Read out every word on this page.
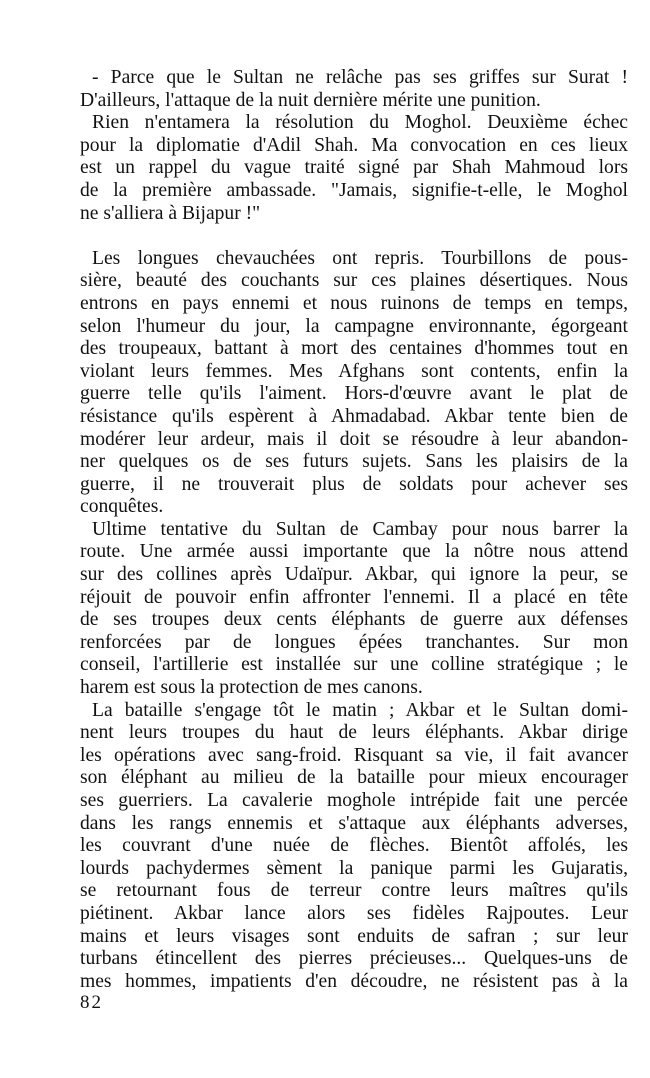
- Parce que le Sultan ne relâche pas ses griffes sur Surat !
D'ailleurs, l'attaque de la nuit dernière mérite une punition.
Rien n'entamera la résolution du Moghol. Deuxième échec
pour la diplomatie d'Adil Shah. Ma convocation en ces lieux
est un rappel du vague traité signé par Shah Mahmoud lors
de la première ambassade. "Jamais, signifie-t-elle, le Moghol
ne s'alliera à Bijapur !"
Les longues chevauchées ont repris. Tourbillons de pous-
sière, beauté des couchants sur ces plaines désertiques. Nous
entrons en pays ennemi et nous ruinons de temps en temps,
selon l'humeur du jour, la campagne environnante, égorgeant
des troupeaux, battant à mort des centaines d'hommes tout en
violant leurs femmes. Mes Afghans sont contents, enfin la
guerre telle qu'ils l'aiment. Hors-d'œuvre avant le plat de
résistance qu'ils espèrent à Ahmadabad. Akbar tente bien de
modérer leur ardeur, mais il doit se résoudre à leur abandon-
ner quelques os de ses futurs sujets. Sans les plaisirs de la
guerre, il ne trouverait plus de soldats pour achever ses
conquêtes.
Ultime tentative du Sultan de Cambay pour nous barrer la
route. Une armée aussi importante que la nôtre nous attend
sur des collines après Udaïpur. Akbar, qui ignore la peur, se
réjouit de pouvoir enfin affronter l'ennemi. Il a placé en tête
de ses troupes deux cents éléphants de guerre aux défenses
renforcées par de longues épées tranchantes. Sur mon
conseil, l'artillerie est installée sur une colline stratégique ; le
harem est sous la protection de mes canons.
La bataille s'engage tôt le matin ; Akbar et le Sultan domi-
nent leurs troupes du haut de leurs éléphants. Akbar dirige
les opérations avec sang-froid. Risquant sa vie, il fait avancer
son éléphant au milieu de la bataille pour mieux encourager
ses guerriers. La cavalerie moghole intrépide fait une percée
dans les rangs ennemis et s'attaque aux éléphants adverses,
les couvrant d'une nuée de flèches. Bientôt affolés, les
lourds pachydermes sèment la panique parmi les Gujaratis,
se retournant fous de terreur contre leurs maîtres qu'ils
piétinent. Akbar lance alors ses fidèles Rajpoutes. Leur
mains et leurs visages sont enduits de safran ; sur leur
turbans étincellent des pierres précieuses... Quelques-uns de
mes hommes, impatients d'en découdre, ne résistent pas à la
82
